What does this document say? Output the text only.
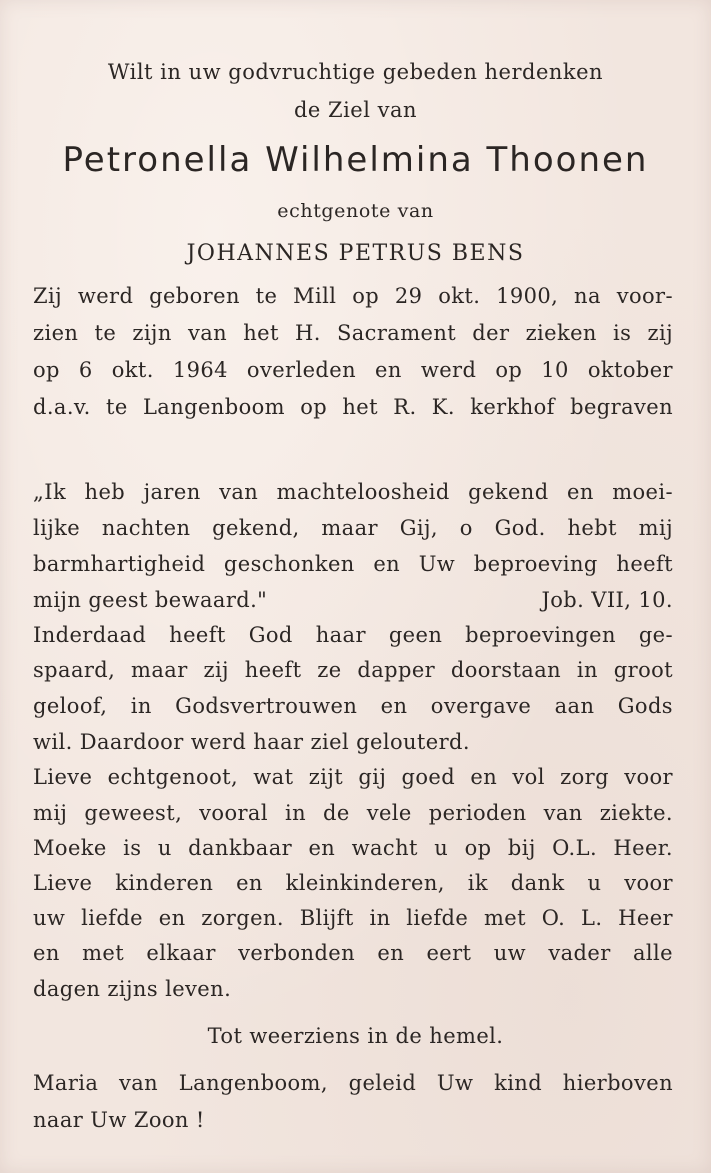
Wilt in uw godvruchtige gebeden herdenken

de Ziel van

Petronella Wilhelmina Thoonen

echtgenote van

JOHANNES PETRUS BENS

Zij werd geboren te Mill op 29 okt. 1900, na voor-

zien te zijn van het H. Sacrament der zieken is zij

op 6 okt. 1964 overleden en werd op 10 oktober

d.a.v. te Langenboom op het R. K. kerkhof begraven

„Ik heb jaren van machteloosheid gekend en moei-

lijke nachten gekend, maar Gij, o God. hebt mij

barmhartigheid geschonken en Uw beproeving heeft

mijn geest bewaard."	Job. VII, 10.

Inderdaad heeft God haar geen beproevingen ge-

spaard, maar zij heeft ze dapper doorstaan in groot

geloof, in Godsvertrouwen en overgave aan Gods

wil. Daardoor werd haar ziel gelouterd.

Lieve echtgenoot, wat zijt gij goed en vol zorg voor

mij geweest, vooral in de vele perioden van ziekte.

Moeke is u dankbaar en wacht u op bij O.L. Heer.

Lieve kinderen en kleinkinderen, ik dank u voor

uw liefde en zorgen. Blijft in liefde met O. L. Heer

en met elkaar verbonden en eert uw vader alle

dagen zijns leven.

Tot weerziens in de hemel.

Maria van Langenboom, geleid Uw kind hierboven

naar Uw Zoon !
